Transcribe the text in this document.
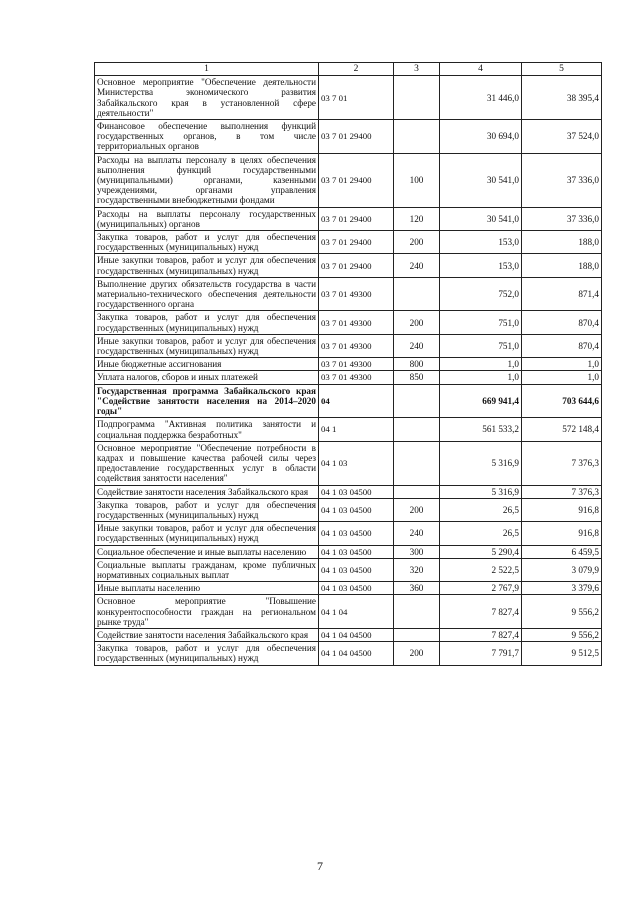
1	2	3	4	5
Основное мероприятие "Обеспечение деятельности Министерства экономического развития Забайкальского края в установленной сфере деятельности"	03 7 01		31 446,0	38 395,4
Финансовое обеспечение выполнения функций государственных органов, в том числе территориальных органов	03 7 01 29400		30 694,0	37 524,0
Расходы на выплаты персоналу в целях обеспечения выполнения функций государственными (муниципальными) органами, казенными учреждениями, органами управления государственными внебюджетными фондами	03 7 01 29400	100	30 541,0	37 336,0
Расходы на выплаты персоналу государственных (муниципальных) органов	03 7 01 29400	120	30 541,0	37 336,0
Закупка товаров, работ и услуг для обеспечения государственных (муниципальных) нужд	03 7 01 29400	200	153,0	188,0
Иные закупки товаров, работ и услуг для обеспечения государственных (муниципальных) нужд	03 7 01 29400	240	153,0	188,0
Выполнение других обязательств государства в части материально-технического обеспечения деятельности государственного органа	03 7 01 49300		752,0	871,4
Закупка товаров, работ и услуг для обеспечения государственных (муниципальных) нужд	03 7 01 49300	200	751,0	870,4
Иные закупки товаров, работ и услуг для обеспечения государственных (муниципальных) нужд	03 7 01 49300	240	751,0	870,4
Иные бюджетные ассигнования	03 7 01 49300	800	1,0	1,0
Уплата налогов, сборов и иных платежей	03 7 01 49300	850	1,0	1,0
Государственная программа Забайкальского края "Содействие занятости населения на 2014–2020 годы"	04		669 941,4	703 644,6
Подпрограмма "Активная политика занятости и социальная поддержка безработных"	04 1		561 533,2	572 148,4
Основное мероприятие "Обеспечение потребности в кадрах и повышение качества рабочей силы через предоставление государственных услуг в области содействия занятости населения"	04 1 03		5 316,9	7 376,3
Содействие занятости населения Забайкальского края	04 1 03 04500		5 316,9	7 376,3
Закупка товаров, работ и услуг для обеспечения государственных (муниципальных) нужд	04 1 03 04500	200	26,5	916,8
Иные закупки товаров, работ и услуг для обеспечения государственных (муниципальных) нужд	04 1 03 04500	240	26,5	916,8
Социальное обеспечение и иные выплаты населению	04 1 03 04500	300	5 290,4	6 459,5
Социальные выплаты гражданам, кроме публичных нормативных социальных выплат	04 1 03 04500	320	2 522,5	3 079,9
Иные выплаты населению	04 1 03 04500	360	2 767,9	3 379,6
Основное мероприятие "Повышение конкурентоспособности граждан на региональном рынке труда"	04 1 04		7 827,4	9 556,2
Содействие занятости населения Забайкальского края	04 1 04 04500		7 827,4	9 556,2
Закупка товаров, работ и услуг для обеспечения государственных (муниципальных) нужд	04 1 04 04500	200	7 791,7	9 512,5
7
